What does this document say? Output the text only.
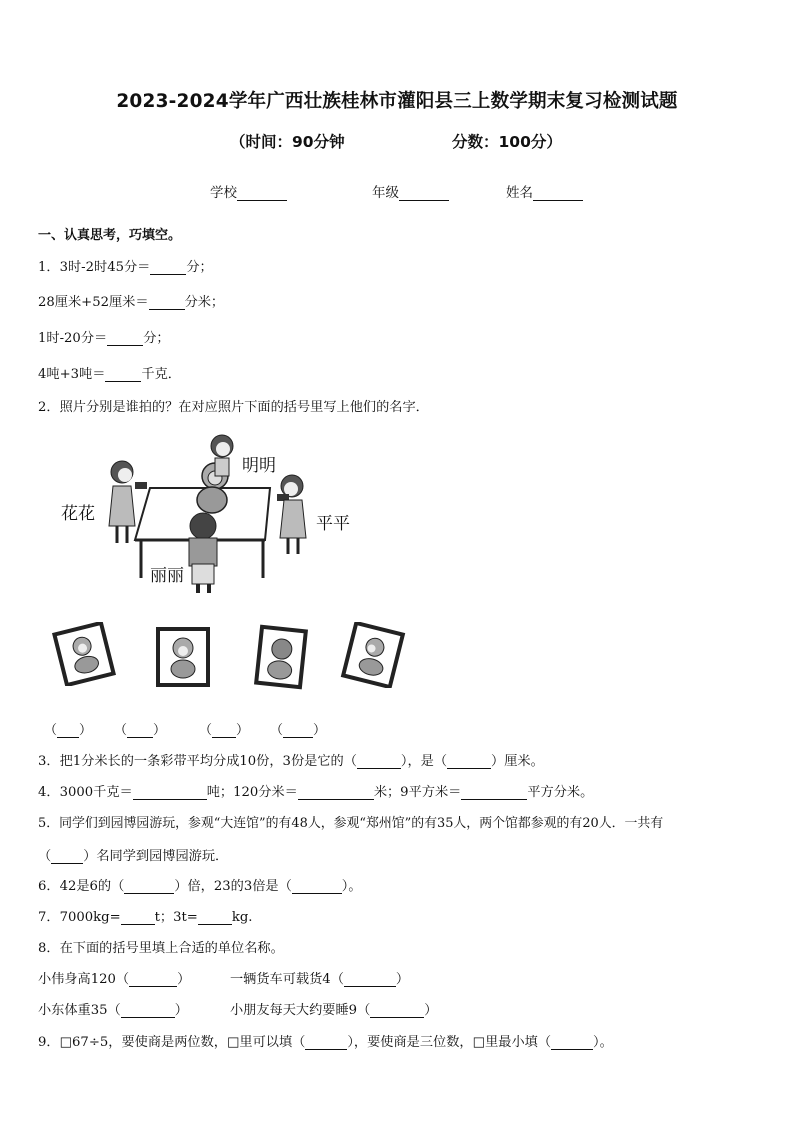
2023-2024学年广西壮族桂林市灌阳县三上数学期末复习检测试题
（时间：90分钟	分数：100分）
学校	年级	姓名
一、认真思考，巧填空。
1．3时-2时45分＝	分；
28厘米+52厘米＝	分米；
1时-20分＝	分；
4吨+3吨＝	千克．
2．照片分别是谁拍的？在对应照片下面的括号里写上他们的名字．
花花
明明
平平
丽丽
（ ） （ ）	（ ） （ ）
3．把1分米长的一条彩带平均分成10份，3份是它的（	），是（	）厘米。
4．3000千克＝	吨；120分米＝	米；9平方米＝	平方分米。
5．同学们到园博园游玩，参观“大连馆”的有48人，参观“郑州馆”的有35人，两个馆都参观的有20人．一共有
（ ）名同学到园博园游玩．
6．42是6的（	）倍，23的3倍是（	）。
7．7000kg=	t；3t=	kg.
8．在下面的括号里填上合适的单位名称。
小伟身高120（	）	一辆货车可载货4（	）
小东体重35（	）	小朋友每天大约要睡9（	）
9．□67÷5，要使商是两位数，□里可以填（	），要使商是三位数，□里最小填（	）。
